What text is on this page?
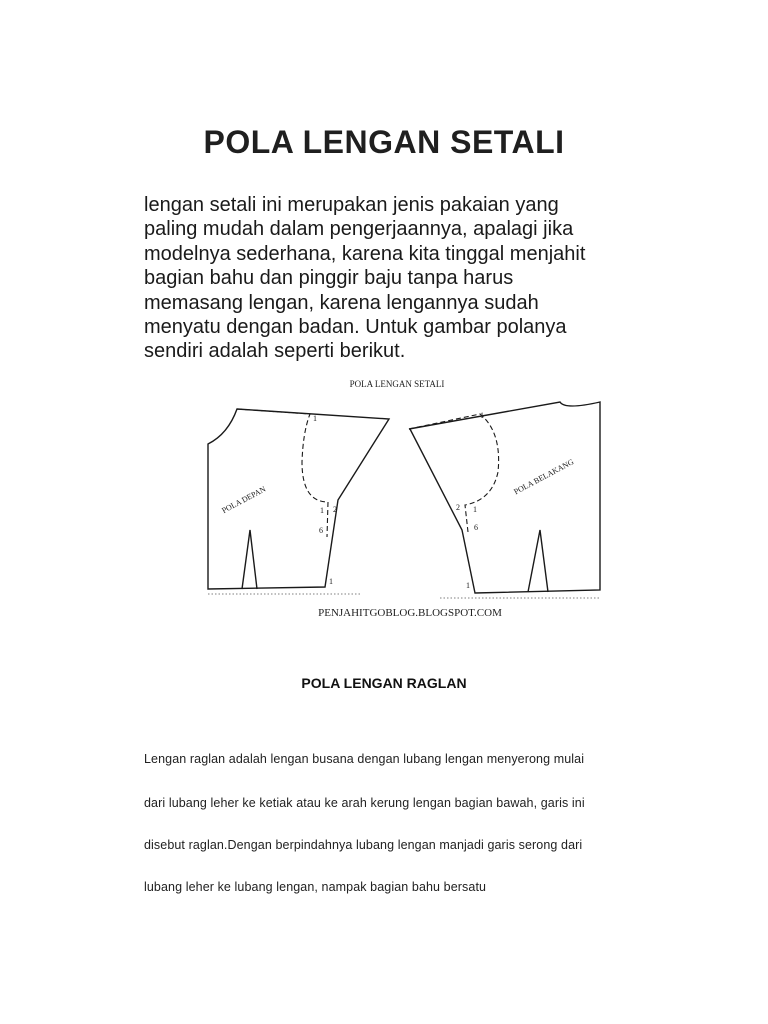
POLA LENGAN SETALI
lengan setali ini merupakan jenis pakaian yang
paling mudah dalam pengerjaannya, apalagi jika
modelnya sederhana, karena kita tinggal menjahit
bagian bahu dan pinggir baju tanpa harus
memasang lengan, karena lengannya sudah
menyatu dengan badan. Untuk gambar polanya
sendiri adalah seperti berikut.
POLA LENGAN SETALI
POLA DEPAN
1
1 2
6
1
POLA BELAKANG
1
2 1
6
1
PENJAHITGOBLOG.BLOGSPOT.COM
POLA LENGAN RAGLAN
Lengan raglan adalah lengan busana dengan lubang lengan menyerong mulai
dari lubang leher ke ketiak atau ke arah kerung lengan bagian bawah, garis ini
disebut raglan.Dengan berpindahnya lubang lengan manjadi garis serong dari
lubang leher ke lubang lengan, nampak bagian bahu bersatu
